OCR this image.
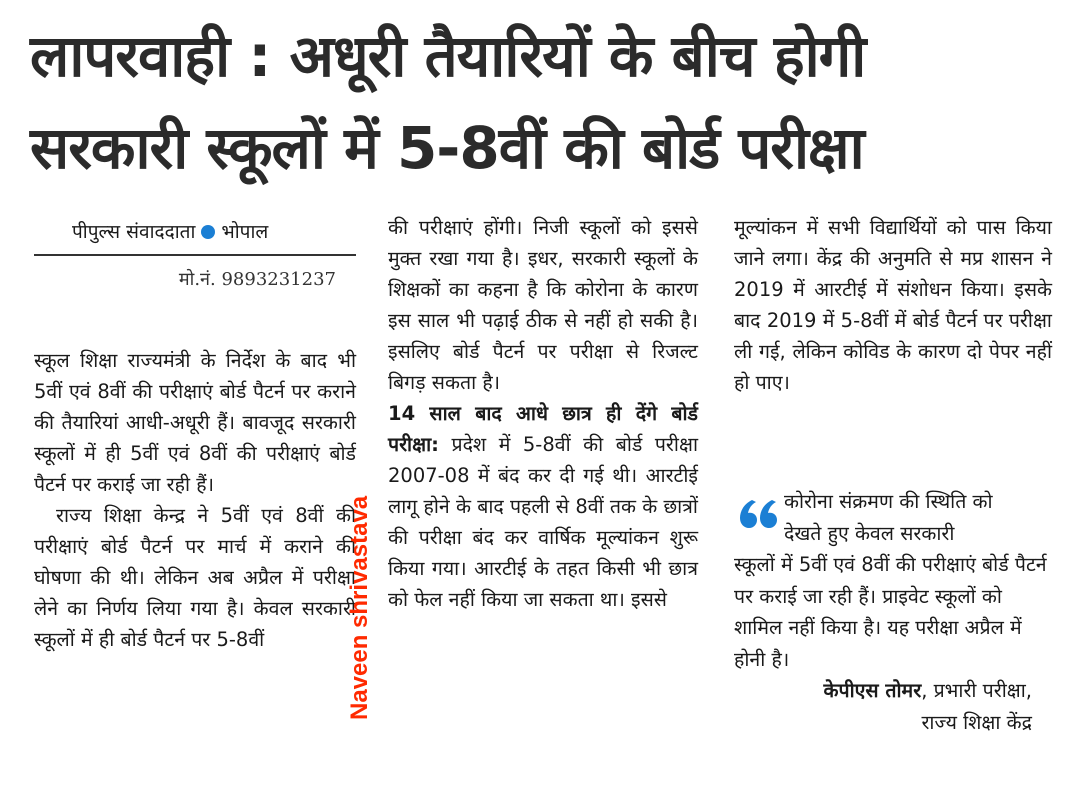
लापरवाही : अधूरी तैयारियों के बीच होगी
सरकारी स्कूलों में 5-8वीं की बोर्ड परीक्षा
पीपुल्स संवाददाता भोपाल
मो.नं. 9893231237

स्कूल शिक्षा राज्यमंत्री के निर्देश के बाद भी 5वीं एवं 8वीं की परीक्षाएं बोर्ड पैटर्न पर कराने की तैयारियां आधी-अधूरी हैं। बावजूद सरकारी स्कूलों में ही 5वीं एवं 8वीं की परीक्षाएं बोर्ड पैटर्न पर कराई जा रही हैं।

राज्य शिक्षा केन्द्र ने 5वीं एवं 8वीं की परीक्षाएं बोर्ड पैटर्न पर मार्च में कराने की घोषणा की थी। लेकिन अब अप्रैल में परीक्षा लेने का निर्णय लिया गया है। केवल सरकारी स्कूलों में ही बोर्ड पैटर्न पर 5-8वीं

की परीक्षाएं होंगी। निजी स्कूलों को इससे मुक्त रखा गया है। इधर, सरकारी स्कूलों के शिक्षकों का कहना है कि कोरोना के कारण इस साल भी पढ़ाई ठीक से नहीं हो सकी है। इसलिए बोर्ड पैटर्न पर परीक्षा से रिजल्ट बिगड़ सकता है।

14 साल बाद आधे छात्र ही देंगे बोर्ड परीक्षा: प्रदेश में 5-8वीं की बोर्ड परीक्षा 2007-08 में बंद कर दी गई थी। आरटीई लागू होने के बाद पहली से 8वीं तक के छात्रों की परीक्षा बंद कर वार्षिक मूल्यांकन शुरू किया गया। आरटीई के तहत किसी भी छात्र को फेल नहीं किया जा सकता था। इससे

मूल्यांकन में सभी विद्यार्थियों को पास किया जाने लगा। केंद्र की अनुमति से मप्र शासन ने 2019 में आरटीई में संशोधन किया। इसके बाद 2019 में 5-8वीं में बोर्ड पैटर्न पर परीक्षा ली गई, लेकिन कोविड के कारण दो पेपर नहीं हो पाए।

कोरोना संक्रमण की स्थिति को
देखते हुए केवल सरकारी
स्कूलों में 5वीं एवं 8वीं की परीक्षाएं बोर्ड पैटर्न पर कराई जा रही हैं। प्राइवेट स्कूलों को शामिल नहीं किया है। यह परीक्षा अप्रैल में होनी है।
केपीएस तोमर, प्रभारी परीक्षा,
राज्य शिक्षा केंद्र
Naveen shrivastava
